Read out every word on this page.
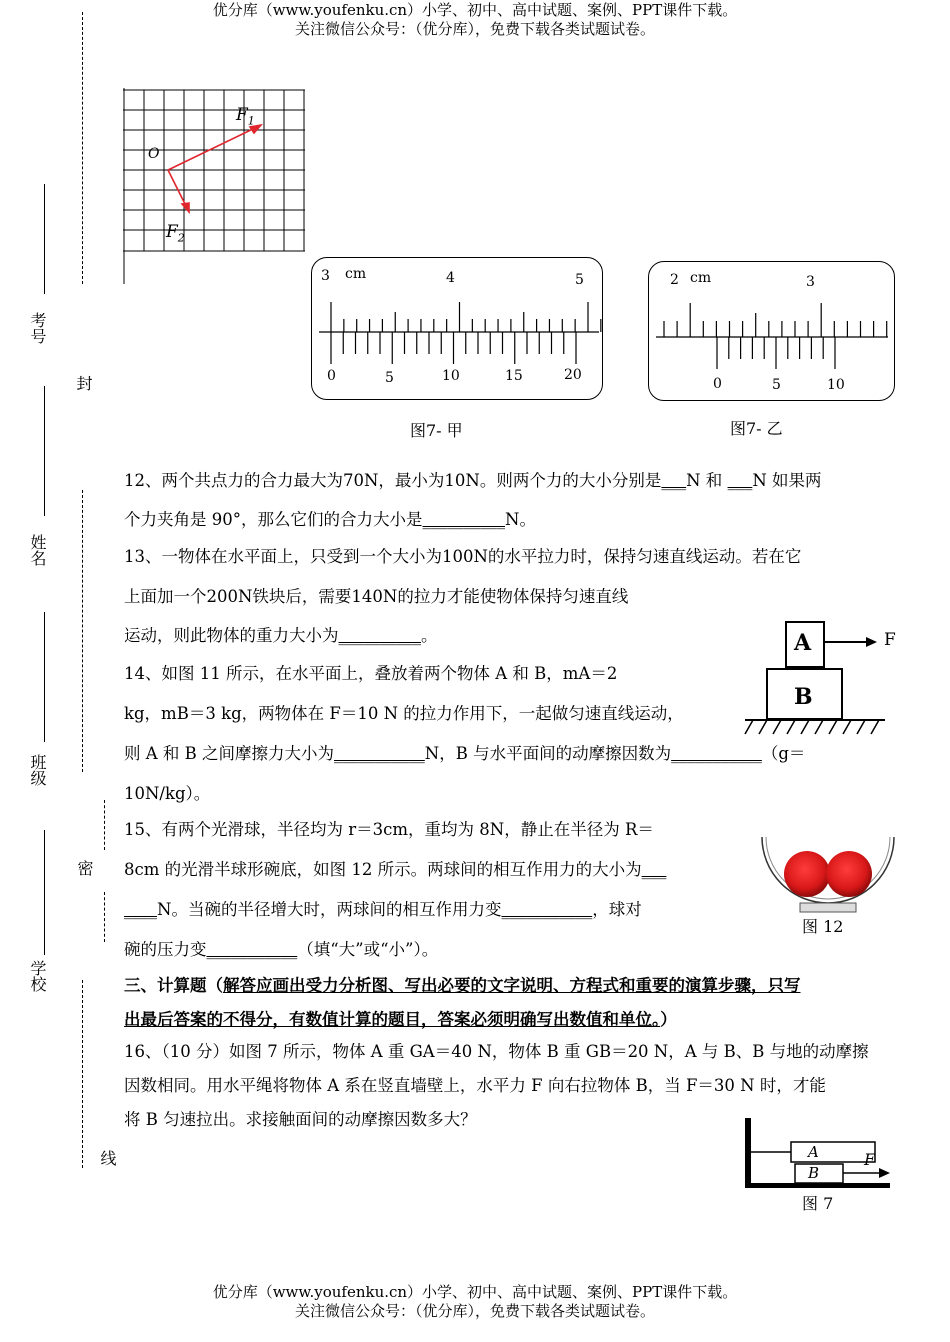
优分库（www.youfenku.cn）小学、初中、高中试题、案例、PPT课件下载。
关注微信公众号：（优分库），免费下载各类试题试卷。
优分库（www.youfenku.cn）小学、初中、高中试题、案例、PPT课件下载。
关注微信公众号：（优分库），免费下载各类试题试卷。
考号
姓名
班级
学校
封
密
线
O
$F_1$
$F_2$
3 cm	4	5
0	5	10	15	20
图7- 甲
2 cm	3
0	5	10
图7- 乙
12、两个共点力的合力最大为70N，最小为10N。则两个力的大小分别是___N 和 ___N 如果两
个力夹角是 90°，那么它们的合力大小是__________N。
13、一物体在水平面上，只受到一个大小为100N的水平拉力时，保持匀速直线运动。若在它
上面加一个200N铁块后，需要140N的拉力才能使物体保持匀速直线
运动，则此物体的重力大小为__________。	A
B
F
14、如图 11 所示，在水平面上，叠放着两个物体 A 和 B，mA＝2
kg，mB＝3 kg，两物体在 F＝10 N 的拉力作用下，一起做匀速直线运动，
则 A 和 B 之间摩擦力大小为___________N，B 与水平面间的动摩擦因数为___________（g＝
10N/kg）。
图 12
15、有两个光滑球，半径均为 r＝3cm，重均为 8N，静止在半径为 R＝
8cm 的光滑半球形碗底，如图 12 所示。两球间的相互作用力的大小为___
____N。当碗的半径增大时，两球间的相互作用力变___________，球对
碗的压力变___________（填“大”或“小”）。
三、计算题（解答应画出受力分析图、写出必要的文字说明、方程式和重要的演算步骤，只写
出最后答案的不得分，有数值计算的题目，答案必须明确写出数值和单位。）
16、（10 分）如图 7 所示，物体 A 重 GA＝40 N，物体 B 重 GB＝20 N，A 与 B、B 与地的动摩擦
因数相同。用水平绳将物体 A 系在竖直墙壁上，水平力 F 向右拉物体 B，当 F＝30 N 时，才能
将 B 匀速拉出。求接触面间的动摩擦因数多大？
A
B
F
图 7
